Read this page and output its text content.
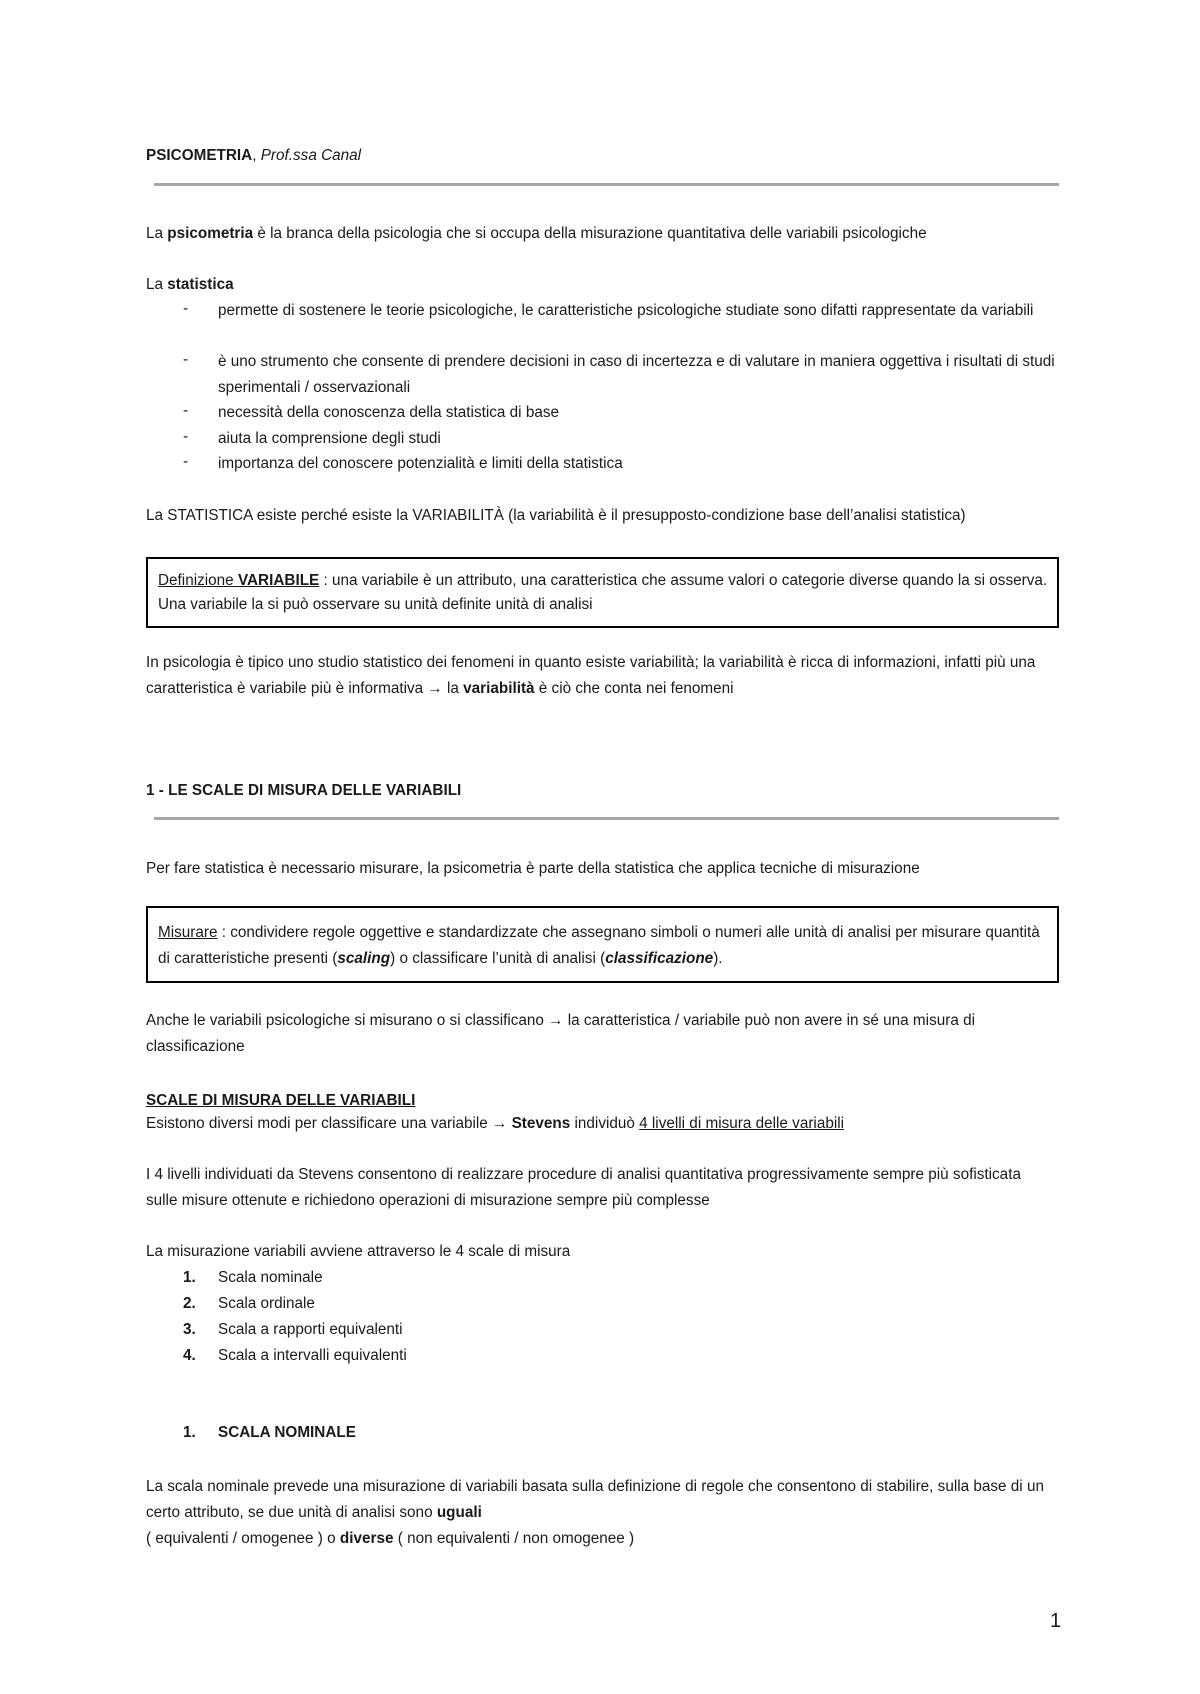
PSICOMETRIA, Prof.ssa Canal
La psicometria è la branca della psicologia che si occupa della misurazione quantitativa delle variabili psicologiche
La statistica
- permette di sostenere le teorie psicologiche, le caratteristiche psicologiche studiate sono difatti rappresentate da variabili
- è uno strumento che consente di prendere decisioni in caso di incertezza e di valutare in maniera oggettiva i risultati di studi sperimentali / osservazionali
- necessità della conoscenza della statistica di base
- aiuta la comprensione degli studi
- importanza del conoscere potenzialità e limiti della statistica
La STATISTICA esiste perché esiste la VARIABILITÀ (la variabilità è il presupposto-condizione base dell’analisi statistica)
Definizione VARIABILE : una variabile è un attributo, una caratteristica che assume valori o categorie diverse quando la si osserva. Una variabile la si può osservare su unità definite unità di analisi
In psicologia è tipico uno studio statistico dei fenomeni in quanto esiste variabilità; la variabilità è ricca di informazioni, infatti più una caratteristica è variabile più è informativa → la variabilità è ciò che conta nei fenomeni
1 - LE SCALE DI MISURA DELLE VARIABILI
Per fare statistica è necessario misurare, la psicometria è parte della statistica che applica tecniche di misurazione
Misurare : condividere regole oggettive e standardizzate che assegnano simboli o numeri alle unità di analisi per misurare quantità di caratteristiche presenti (scaling) o classificare l’unità di analisi (classificazione).
Anche le variabili psicologiche si misurano o si classificano → la caratteristica / variabile può non avere in sé una misura di classificazione
SCALE DI MISURA DELLE VARIABILI
Esistono diversi modi per classificare una variabile → Stevens individuò 4 livelli di misura delle variabili
I 4 livelli individuati da Stevens consentono di realizzare procedure di analisi quantitativa progressivamente sempre più sofisticata sulle misure ottenute e richiedono operazioni di misurazione sempre più complesse
La misurazione variabili avviene attraverso le 4 scale di misura
1. Scala nominale
2. Scala ordinale
3. Scala a rapporti equivalenti
4. Scala a intervalli equivalenti
1. SCALA NOMINALE
La scala nominale prevede una misurazione di variabili basata sulla definizione di regole che consentono di stabilire, sulla base di un certo attributo, se due unità di analisi sono uguali
( equivalenti / omogenee ) o diverse ( non equivalenti / non omogenee )
1
